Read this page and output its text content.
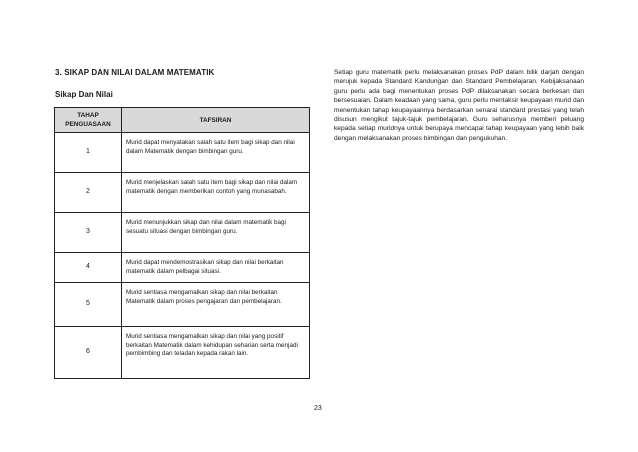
3. SIKAP DAN NILAI DALAM MATEMATIK
Sikap Dan Nilai
TAHAP PENGUASAAN	TAFSIRAN
1	Murid dapat menyatakan salah satu item bagi sikap dan nilai dalam Matematik dengan bimbingan guru.
2	Murid menjelaskan salah satu item bagi sikap dan nilai dalam matematik dengan memberikan contoh yang munasabah.
3	Murid menunjukkan sikap dan nilai dalam matematik bagi sesuatu situasi dengan bimbingan guru.
4	Murid dapat mendemostrasikan sikap dan nilai berkaitan matematik dalam pelbagai situasi.
5	Murid sentiasa mengamalkan sikap dan nilai berkaitan Matematik dalam proses pengajaran dan pembelajaran.
6	Murid sentiasa mengamalkan sikap dan nilai yang positif berkaitan Matematik dalam kehidupan seharian serta menjadi pembimbing dan teladan kepada rakan lain.
Setiap guru matematik perlu melaksanakan proses PdP dalam bilik darjah dengan merujuk kepada Standard Kandungan dan Standard Pembelajaran. Kebijaksanaan guru perlu ada bagi menentukan proses PdP dilaksanakan secara berkesan dan bersesuaian. Dalam keadaan yang sama, guru perlu mentaksir keupayaan murid dan menentukan tahap keupayaannya berdasarkan senarai standard prestasi yang telah disusun mengikut tajuk-tajuk pembelajaran. Guru seharusnya memberi peluang kepada setiap muridnya untuk berupaya mencapai tahap keupayaan yang lebih baik dengan melaksanakan proses bimbingan dan pengukuhan.
23
